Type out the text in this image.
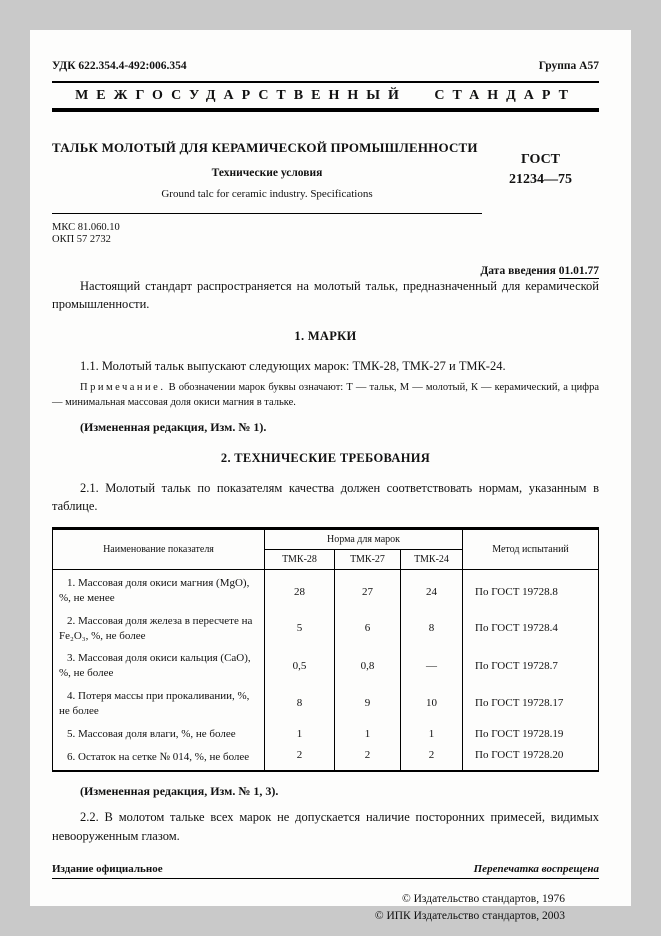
УДК 622.354.4-492:006.354	Группа А57
МЕЖГОСУДАРСТВЕННЫЙ СТАНДАРТ
ТАЛЬК МОЛОТЫЙ ДЛЯ КЕРАМИЧЕСКОЙ ПРОМЫШЛЕННОСТИ
Технические условия
Ground talc for ceramic industry. Specifications
МКС 81.060.10
ОКП 57 2732
ГОСТ
21234—75
Дата введения 01.01.77

Настоящий стандарт распространяется на молотый тальк, предназначенный для керамической промышленности.

1. МАРКИ

1.1. Молотый тальк выпускают следующих марок: ТМК-28, ТМК-27 и ТМК-24.

Примечание. В обозначении марок буквы означают: Т — тальк, М — молотый, К — керамический, а цифра — минимальная массовая доля окиси магния в тальке.

(Измененная редакция, Изм. № 1).

2. ТЕХНИЧЕСКИЕ ТРЕБОВАНИЯ

2.1. Молотый тальк по показателям качества должен соответствовать нормам, указанным в таблице.

Наименование показателя	Норма для марок			Метод испытаний
	ТМК-28	ТМК-27	ТМК-24	
1. Массовая доля окиси магния (MgO), %, не менее	28	27	24	По ГОСТ 19728.8
2. Массовая доля железа в пересчете на Fe₂O₃, %, не более	5	6	8	По ГОСТ 19728.4
3. Массовая доля окиси кальция (CaO), %, не более	0,5	0,8	—	По ГОСТ 19728.7
4. Потеря массы при прокаливании, %, не более	8	9	10	По ГОСТ 19728.17
5. Массовая доля влаги, %, не более	1	1	1	По ГОСТ 19728.19
6. Остаток на сетке № 014, %, не более	2	2	2	По ГОСТ 19728.20

(Измененная редакция, Изм. № 1, 3).

2.2. В молотом тальке всех марок не допускается наличие посторонних примесей, видимых невооруженным глазом.

Издание официальное	Перепечатка воспрещена
© Издательство стандартов, 1976
© ИПК Издательство стандартов, 2003
